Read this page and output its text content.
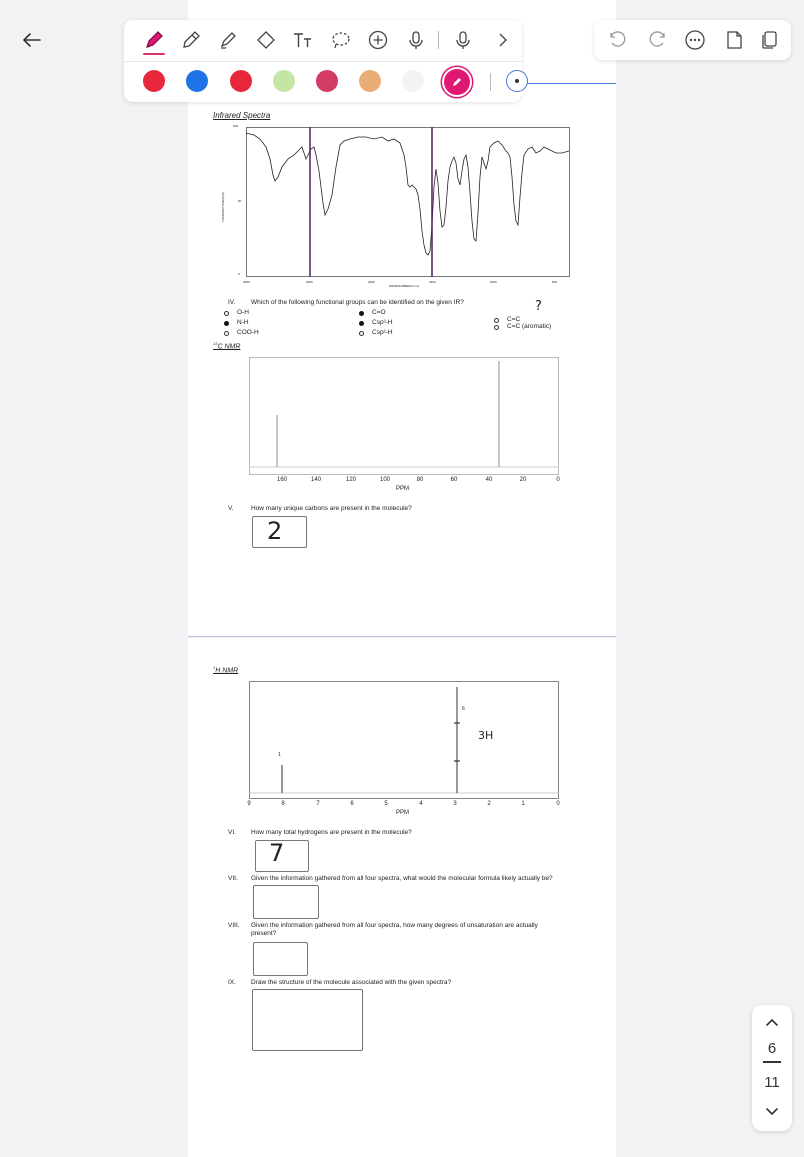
Infrared Spectra
100
50
0
TRANSMITTANCE(%)
4000	3000	2000	1500	1000	500
WAVENUMBER(cm-1)
IV. Which of the following functional groups can be identified on the given IR?
O-H
N-H
COO-H
C=O
Csp³-H
Csp²-H
C=C
C=C (aromatic)
?
$^{13}$C NMR
160	140	120	100	80	60	40	20	0
PPM
V.	How many unique carbons are present in the molecule?
2
$^1$H NMR
1
6
3H
9	8	7	6	5	4	3	2	1	0
PPM
VI. How many total hydrogens are present in the molecule?
7
VII. Given the information gathered from all four spectra, what would the molecular formula likely actually be?
VIII. Given the information gathered from all four spectra, how many degrees of unsaturation are actually
present?
IX. Draw the structure of the molecule associated with the given spectra?
6
11
